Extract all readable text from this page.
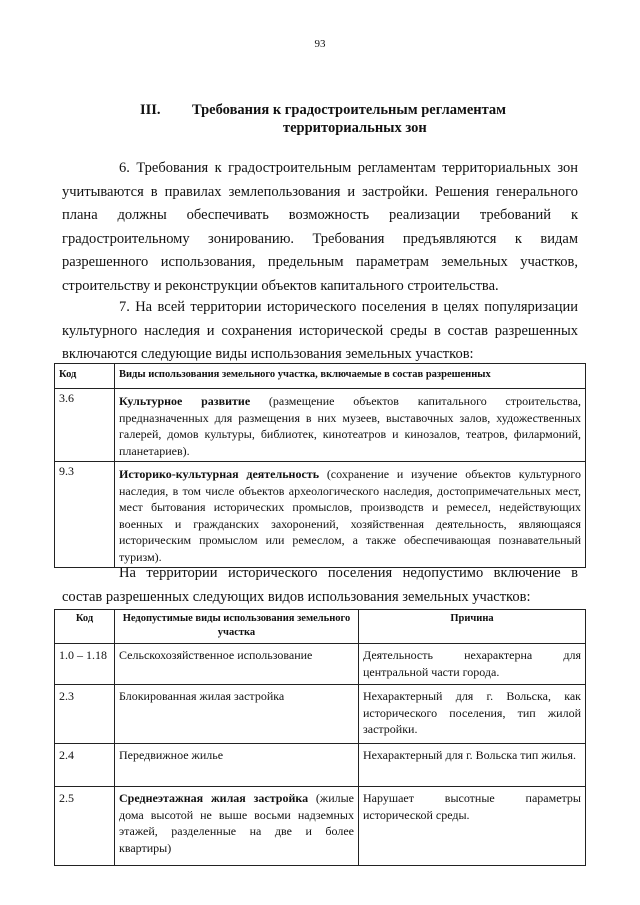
93
III. Требования к градостроительным регламентам
территориальных зон

6. Требования к градостроительным регламентам территориальных зон учитываются в правилах землепользования и застройки. Решения генерального плана должны обеспечивать возможность реализации требований к градостроительному зонированию. Требования предъявляются к видам разрешенного использования, предельным параметрам земельных участков, строительству и реконструкции объектов капитального строительства.

7. На всей территории исторического поселения в целях популяризации культурного наследия и сохранения исторической среды в состав разрешенных включаются следующие виды использования земельных участков:

Код	Виды использования земельного участка, включаемые в состав разрешенных
3.6	Культурное развитие (размещение объектов капитального строительства, предназначенных для размещения в них музеев, выставочных залов, художественных галерей, домов культуры, библиотек, кинотеатров и кинозалов, театров, филармоний, планетариев).
9.3	Историко-культурная деятельность (сохранение и изучение объектов культурного наследия, в том числе объектов археологического наследия, достопримечательных мест, мест бытования исторических промыслов, производств и ремесел, недействующих военных и гражданских захоронений, хозяйственная деятельность, являющаяся историческим промыслом или ремеслом, а также обеспечивающая познавательный туризм).

На территории исторического поселения недопустимо включение в состав разрешенных следующих видов использования земельных участков:

Код	Недопустимые виды использования земельного участка	Причина
1.0 – 1.18	Сельскохозяйственное использование	Деятельность нехарактерна для центральной части города.
2.3	Блокированная жилая застройка	Нехарактерный для г. Вольска, как исторического поселения, тип жилой застройки.
2.4	Передвижное жилье	Нехарактерный для г. Вольска тип жилья.
2.5	Среднеэтажная жилая застройка (жилые дома высотой не выше восьми надземных этажей, разделенные на две и более квартиры)	Нарушает высотные параметры исторической среды.
